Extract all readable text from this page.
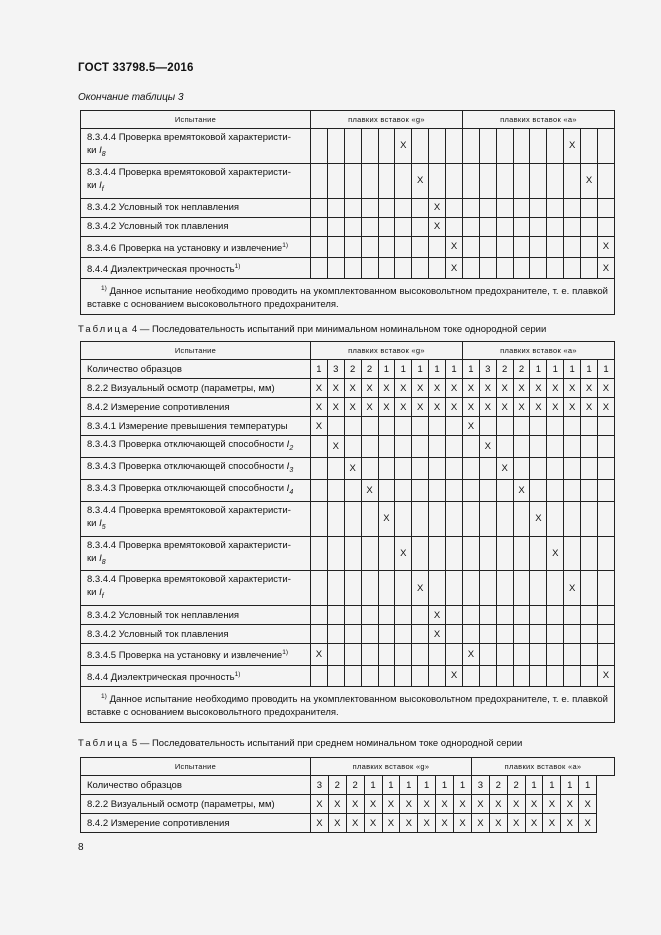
ГОСТ 33798.5—2016
Окончание таблицы 3
Испытание	плавких вставок «g»									плавких вставок «a»								
8.3.4.4 Проверка времятоковой характеристи-
ки $I_8$						X										X		
8.3.4.4 Проверка времятоковой характеристи-
ки $I_f$							X										X	
8.3.4.2 Условный ток неплавления								X										
8.3.4.2 Условный ток плавления								X										
8.3.4.6 Проверка на установку и извлечение$^{1)}$									X									X
8.4.4 Диэлектрическая прочность$^{1)}$									X									X
$^{1)}$ Данное испытание необходимо проводить на укомплектованном высоковольтном предохранителе, т. е. плавкой вставке с основанием высоковольтного предохранителя.																		
Таблица 4 — Последовательность испытаний при минимальном номинальном токе однородной серии
Испытание	плавких вставок «g»									плавких вставок «a»								
Количество образцов	1	3	2	2	1	1	1	1	1	1	3	2	2	1	1	1	1	1
8.2.2 Визуальный осмотр (параметры, мм)	X	X	X	X	X	X	X	X	X	X	X	X	X	X	X	X	X	X
8.4.2 Измерение сопротивления	X	X	X	X	X	X	X	X	X	X	X	X	X	X	X	X	X	X
8.3.4.1 Измерение превышения температуры	X									X								
8.3.4.3 Проверка отключающей способности $I_2$		X									X							
8.3.4.3 Проверка отключающей способности $I_3$			X									X						
8.3.4.3 Проверка отключающей способности $I_4$				X									X					
8.3.4.4 Проверка времятоковой характеристи-
ки $I_5$					X									X				
8.3.4.4 Проверка времятоковой характеристи-
ки $I_8$						X									X			
8.3.4.4 Проверка времятоковой характеристи-
ки $I_f$							X									X		
8.3.4.2 Условный ток неплавления								X										
8.3.4.2 Условный ток плавления								X										
8.3.4.5 Проверка на установку и извлечение$^{1)}$	X									X								
8.4.4 Диэлектрическая прочность$^{1)}$									X									X
$^{1)}$ Данное испытание необходимо проводить на укомплектованном высоковольтном предохранителе, т. е. плавкой вставке с основанием высоковольтного предохранителя.																		
Таблица 5 — Последовательность испытаний при среднем номинальном токе однородной серии
Испытание	плавких вставок «g»									плавких вставок «a»						
Количество образцов	3	2	2	1	1	1	1	1	1	3	2	2	1	1	1	1
8.2.2 Визуальный осмотр (параметры, мм)	X	X	X	X	X	X	X	X	X	X	X	X	X	X	X	X
8.4.2 Измерение сопротивления	X	X	X	X	X	X	X	X	X	X	X	X	X	X	X	X
8
